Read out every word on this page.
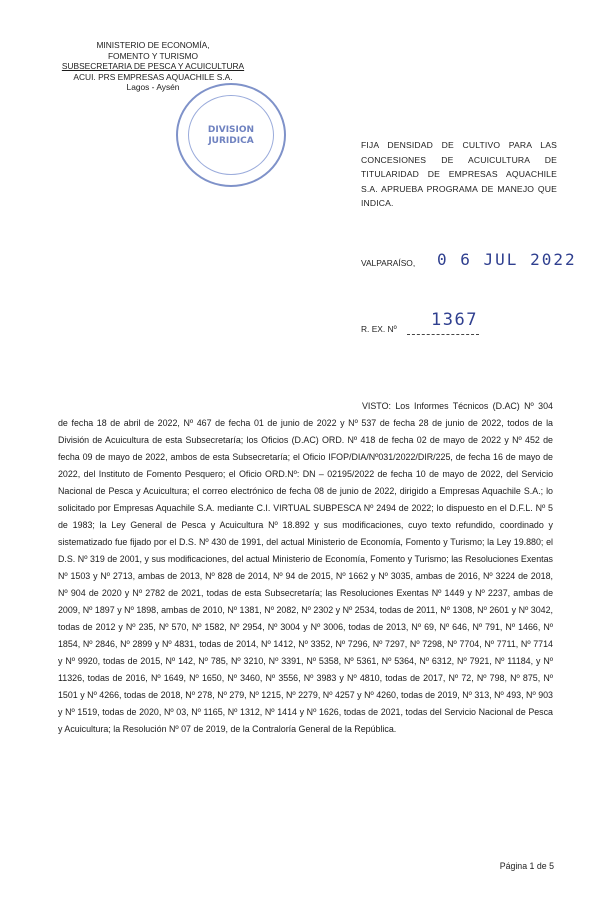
MINISTERIO DE ECONOMÍA,
FOMENTO Y TURISMO
SUBSECRETARIA DE PESCA Y ACUICULTURA
ACUI. PRS EMPRESAS AQUACHILE S.A.
Lagos - Aysén
DIVISION
JURIDICA	FIJA DENSIDAD DE CULTIVO PARA LAS CONCESIONES DE ACUICULTURA DE TITULARIDAD DE EMPRESAS AQUACHILE S.A. APRUEBA PROGRAMA DE MANEJO QUE INDICA.
VALPARAÍSO, 0 6 JUL 2022
R. EX. Nº 1367
VISTO: Los Informes Técnicos (D.AC) Nº 304 de fecha 18 de abril de 2022, Nº 467 de fecha 01 de junio de 2022 y Nº 537 de fecha 28 de junio de 2022, todos de la División de Acuicultura de esta Subsecretaría; los Oficios (D.AC) ORD. Nº 418 de fecha 02 de mayo de 2022 y Nº 452 de fecha 09 de mayo de 2022, ambos de esta Subsecretaría; el Oficio IFOP/DIA/Nº031/2022/DIR/225, de fecha 16 de mayo de 2022, del Instituto de Fomento Pesquero; el Oficio ORD.Nº: DN – 02195/2022 de fecha 10 de mayo de 2022, del Servicio Nacional de Pesca y Acuicultura; el correo electrónico de fecha 08 de junio de 2022, dirigido a Empresas Aquachile S.A.; lo solicitado por Empresas Aquachile S.A. mediante C.I. VIRTUAL SUBPESCA Nº 2494 de 2022; lo dispuesto en el D.F.L. Nº 5 de 1983; la Ley General de Pesca y Acuicultura Nº 18.892 y sus modificaciones, cuyo texto refundido, coordinado y sistematizado fue fijado por el D.S. Nº 430 de 1991, del actual Ministerio de Economía, Fomento y Turismo; la Ley 19.880; el D.S. Nº 319 de 2001, y sus modificaciones, del actual Ministerio de Economía, Fomento y Turismo; las Resoluciones Exentas Nº 1503 y Nº 2713, ambas de 2013, Nº 828 de 2014, Nº 94 de 2015, Nº 1662 y Nº 3035, ambas de 2016, Nº 3224 de 2018, Nº 904 de 2020 y Nº 2782 de 2021, todas de esta Subsecretaría; las Resoluciones Exentas Nº 1449 y Nº 2237, ambas de 2009, Nº 1897 y Nº 1898, ambas de 2010, Nº 1381, Nº 2082, Nº 2302 y Nº 2534, todas de 2011, Nº 1308, Nº 2601 y Nº 3042, todas de 2012 y Nº 235, Nº 570, Nº 1582, Nº 2954, Nº 3004 y Nº 3006, todas de 2013, Nº 69, Nº 646, Nº 791, Nº 1466, Nº 1854, Nº 2846, Nº 2899 y Nº 4831, todas de 2014, Nº 1412, Nº 3352, Nº 7296, Nº 7297, Nº 7298, Nº 7704, Nº 7711, Nº 7714 y Nº 9920, todas de 2015, Nº 142, Nº 785, Nº 3210, Nº 3391, Nº 5358, Nº 5361, Nº 5364, Nº 6312, Nº 7921, Nº 11184, y Nº 11326, todas de 2016, Nº 1649, Nº 1650, Nº 3460, Nº 3556, Nº 3983 y Nº 4810, todas de 2017, Nº 72, Nº 798, Nº 875, Nº 1501 y Nº 4266, todas de 2018, Nº 278, Nº 279, Nº 1215, Nº 2279, Nº 4257 y Nº 4260, todas de 2019, Nº 313, Nº 493, Nº 903 y Nº 1519, todas de 2020, Nº 03, Nº 1165, Nº 1312, Nº 1414 y Nº 1626, todas de 2021, todas del Servicio Nacional de Pesca y Acuicultura; la Resolución Nº 07 de 2019, de la Contraloría General de la República.
Página 1 de 5
